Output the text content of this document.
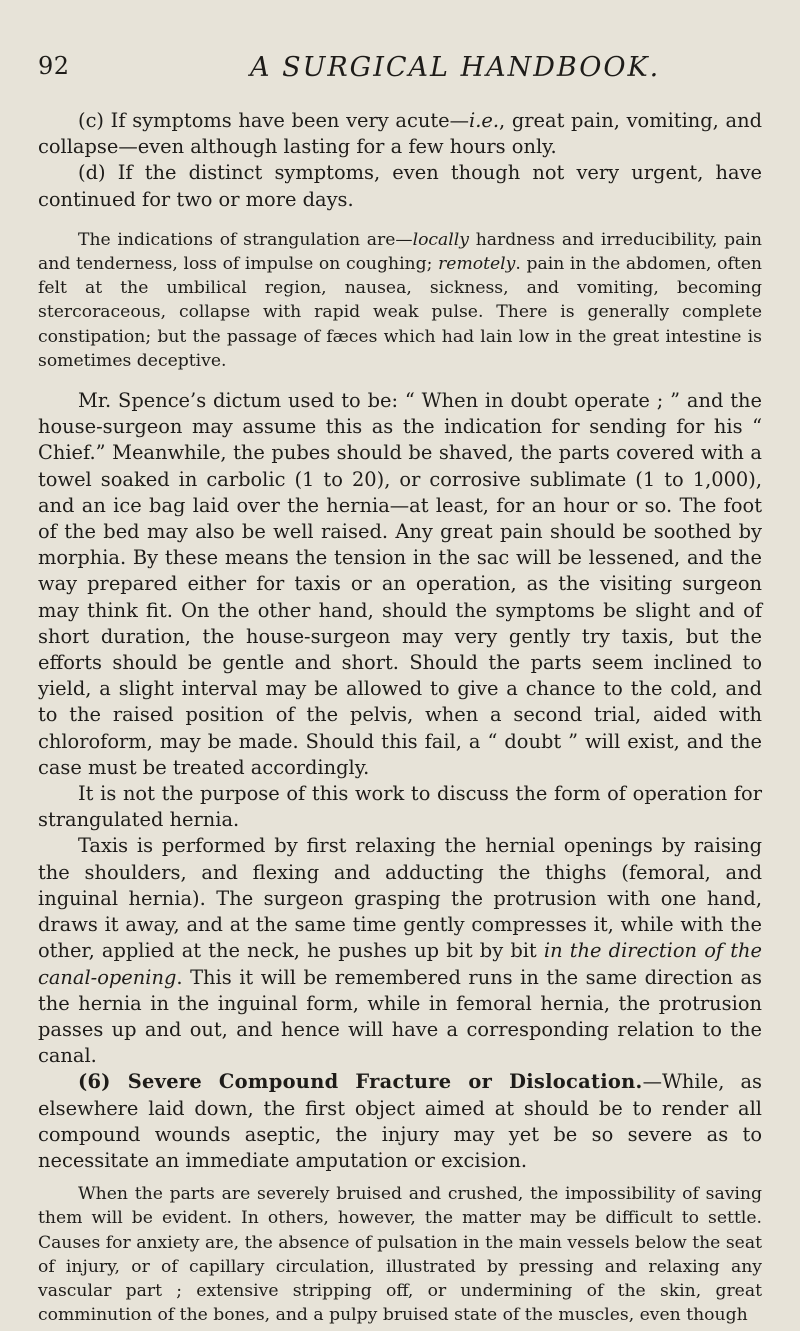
92	A SURGICAL HANDBOOK.

(c) If symptoms have been very acute—i.e., great pain, vomiting, and collapse—even although lasting for a few hours only.

(d) If the distinct symptoms, even though not very urgent, have continued for two or more days.

The indications of strangulation are—locally hardness and irreducibility, pain and tenderness, loss of impulse on coughing; remotely. pain in the abdomen, often felt at the umbilical region, nausea, sickness, and vomiting, becoming stercoraceous, collapse with rapid weak pulse. There is generally complete constipation; but the passage of fæces which had lain low in the great intestine is sometimes deceptive.

Mr. Spence’s dictum used to be: “ When in doubt operate ; ” and the house-surgeon may assume this as the indication for sending for his “ Chief.” Meanwhile, the pubes should be shaved, the parts covered with a towel soaked in carbolic (1 to 20), or corrosive sublimate (1 to 1,000), and an ice bag laid over the hernia—at least, for an hour or so. The foot of the bed may also be well raised. Any great pain should be soothed by morphia. By these means the tension in the sac will be lessened, and the way prepared either for taxis or an operation, as the visiting surgeon may think fit. On the other hand, should the symptoms be slight and of short duration, the house-surgeon may very gently try taxis, but the efforts should be gentle and short. Should the parts seem inclined to yield, a slight interval may be allowed to give a chance to the cold, and to the raised position of the pelvis, when a second trial, aided with chloroform, may be made. Should this fail, a “ doubt ” will exist, and the case must be treated accordingly.

It is not the purpose of this work to discuss the form of operation for strangulated hernia.

Taxis is performed by first relaxing the hernial openings by raising the shoulders, and flexing and adducting the thighs (femoral, and inguinal hernia). The surgeon grasping the protrusion with one hand, draws it away, and at the same time gently compresses it, while with the other, applied at the neck, he pushes up bit by bit in the direction of the canal-opening. This it will be remembered runs in the same direction as the hernia in the inguinal form, while in femoral hernia, the protrusion passes up and out, and hence will have a corresponding relation to the canal.

(6) Severe Compound Fracture or Dislocation.—While, as elsewhere laid down, the first object aimed at should be to render all compound wounds aseptic, the injury may yet be so severe as to necessitate an immediate amputation or excision.

When the parts are severely bruised and crushed, the impossibility of saving them will be evident. In others, however, the matter may be difficult to settle. Causes for anxiety are, the absence of pulsation in the main vessels below the seat of injury, or of capillary circulation, illustrated by pressing and relaxing any vascular part ; extensive stripping off, or undermining of the skin, great comminution of the bones, and a pulpy bruised state of the muscles, even though
